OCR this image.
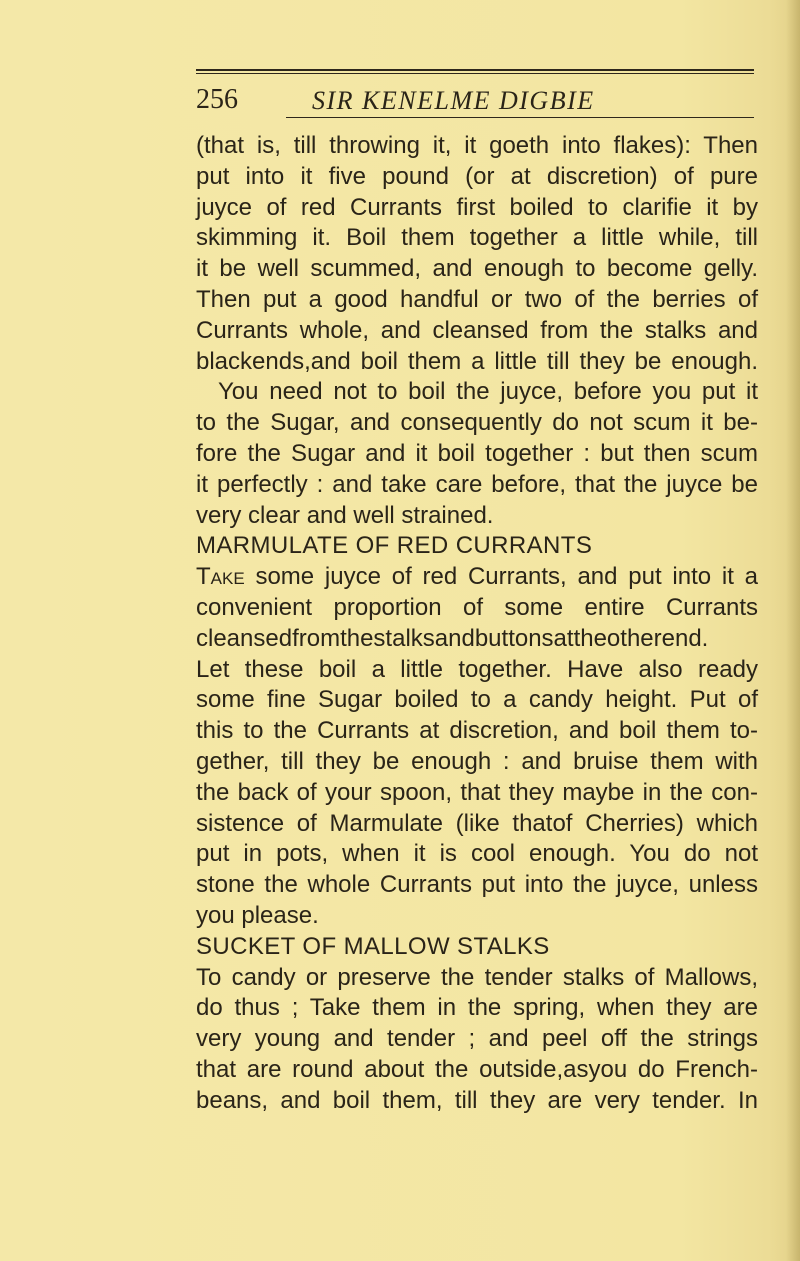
256	SIR KENELME DIGBIE
(that is, till throwing it, it goeth into flakes): Then
put into it five pound (or at discretion) of pure
juyce of red Currants first boiled to clarifie it by
skimming it. Boil them together a little while, till
it be well scummed, and enough to become gelly.
Then put a good handful or two of the berries of
Currants whole, and cleansed from the stalks and
blackends,and boil them a little till they be enough.
You need not to boil the juyce, before you put it
to the Sugar, and consequently do not scum it be-
fore the Sugar and it boil together : but then scum
it perfectly : and take care before, that the juyce be
very clear and well strained.
MARMULATE OF RED CURRANTS
Take some juyce of red Currants, and put into it a
convenient proportion of some entire Currants
cleansedfromthestalksandbuttonsattheotherend.
Let these boil a little together. Have also ready
some fine Sugar boiled to a candy height. Put of
this to the Currants at discretion, and boil them to-
gether, till they be enough : and bruise them with
the back of your spoon, that they maybe in the con-
sistence of Marmulate (like thatof Cherries) which
put in pots, when it is cool enough. You do not
stone the whole Currants put into the juyce, unless
you please.
SUCKET OF MALLOW STALKS
To candy or preserve the tender stalks of Mallows,
do thus ; Take them in the spring, when they are
very young and tender ; and peel off the strings
that are round about the outside,asyou do French-
beans, and boil them, till they are very tender. In
